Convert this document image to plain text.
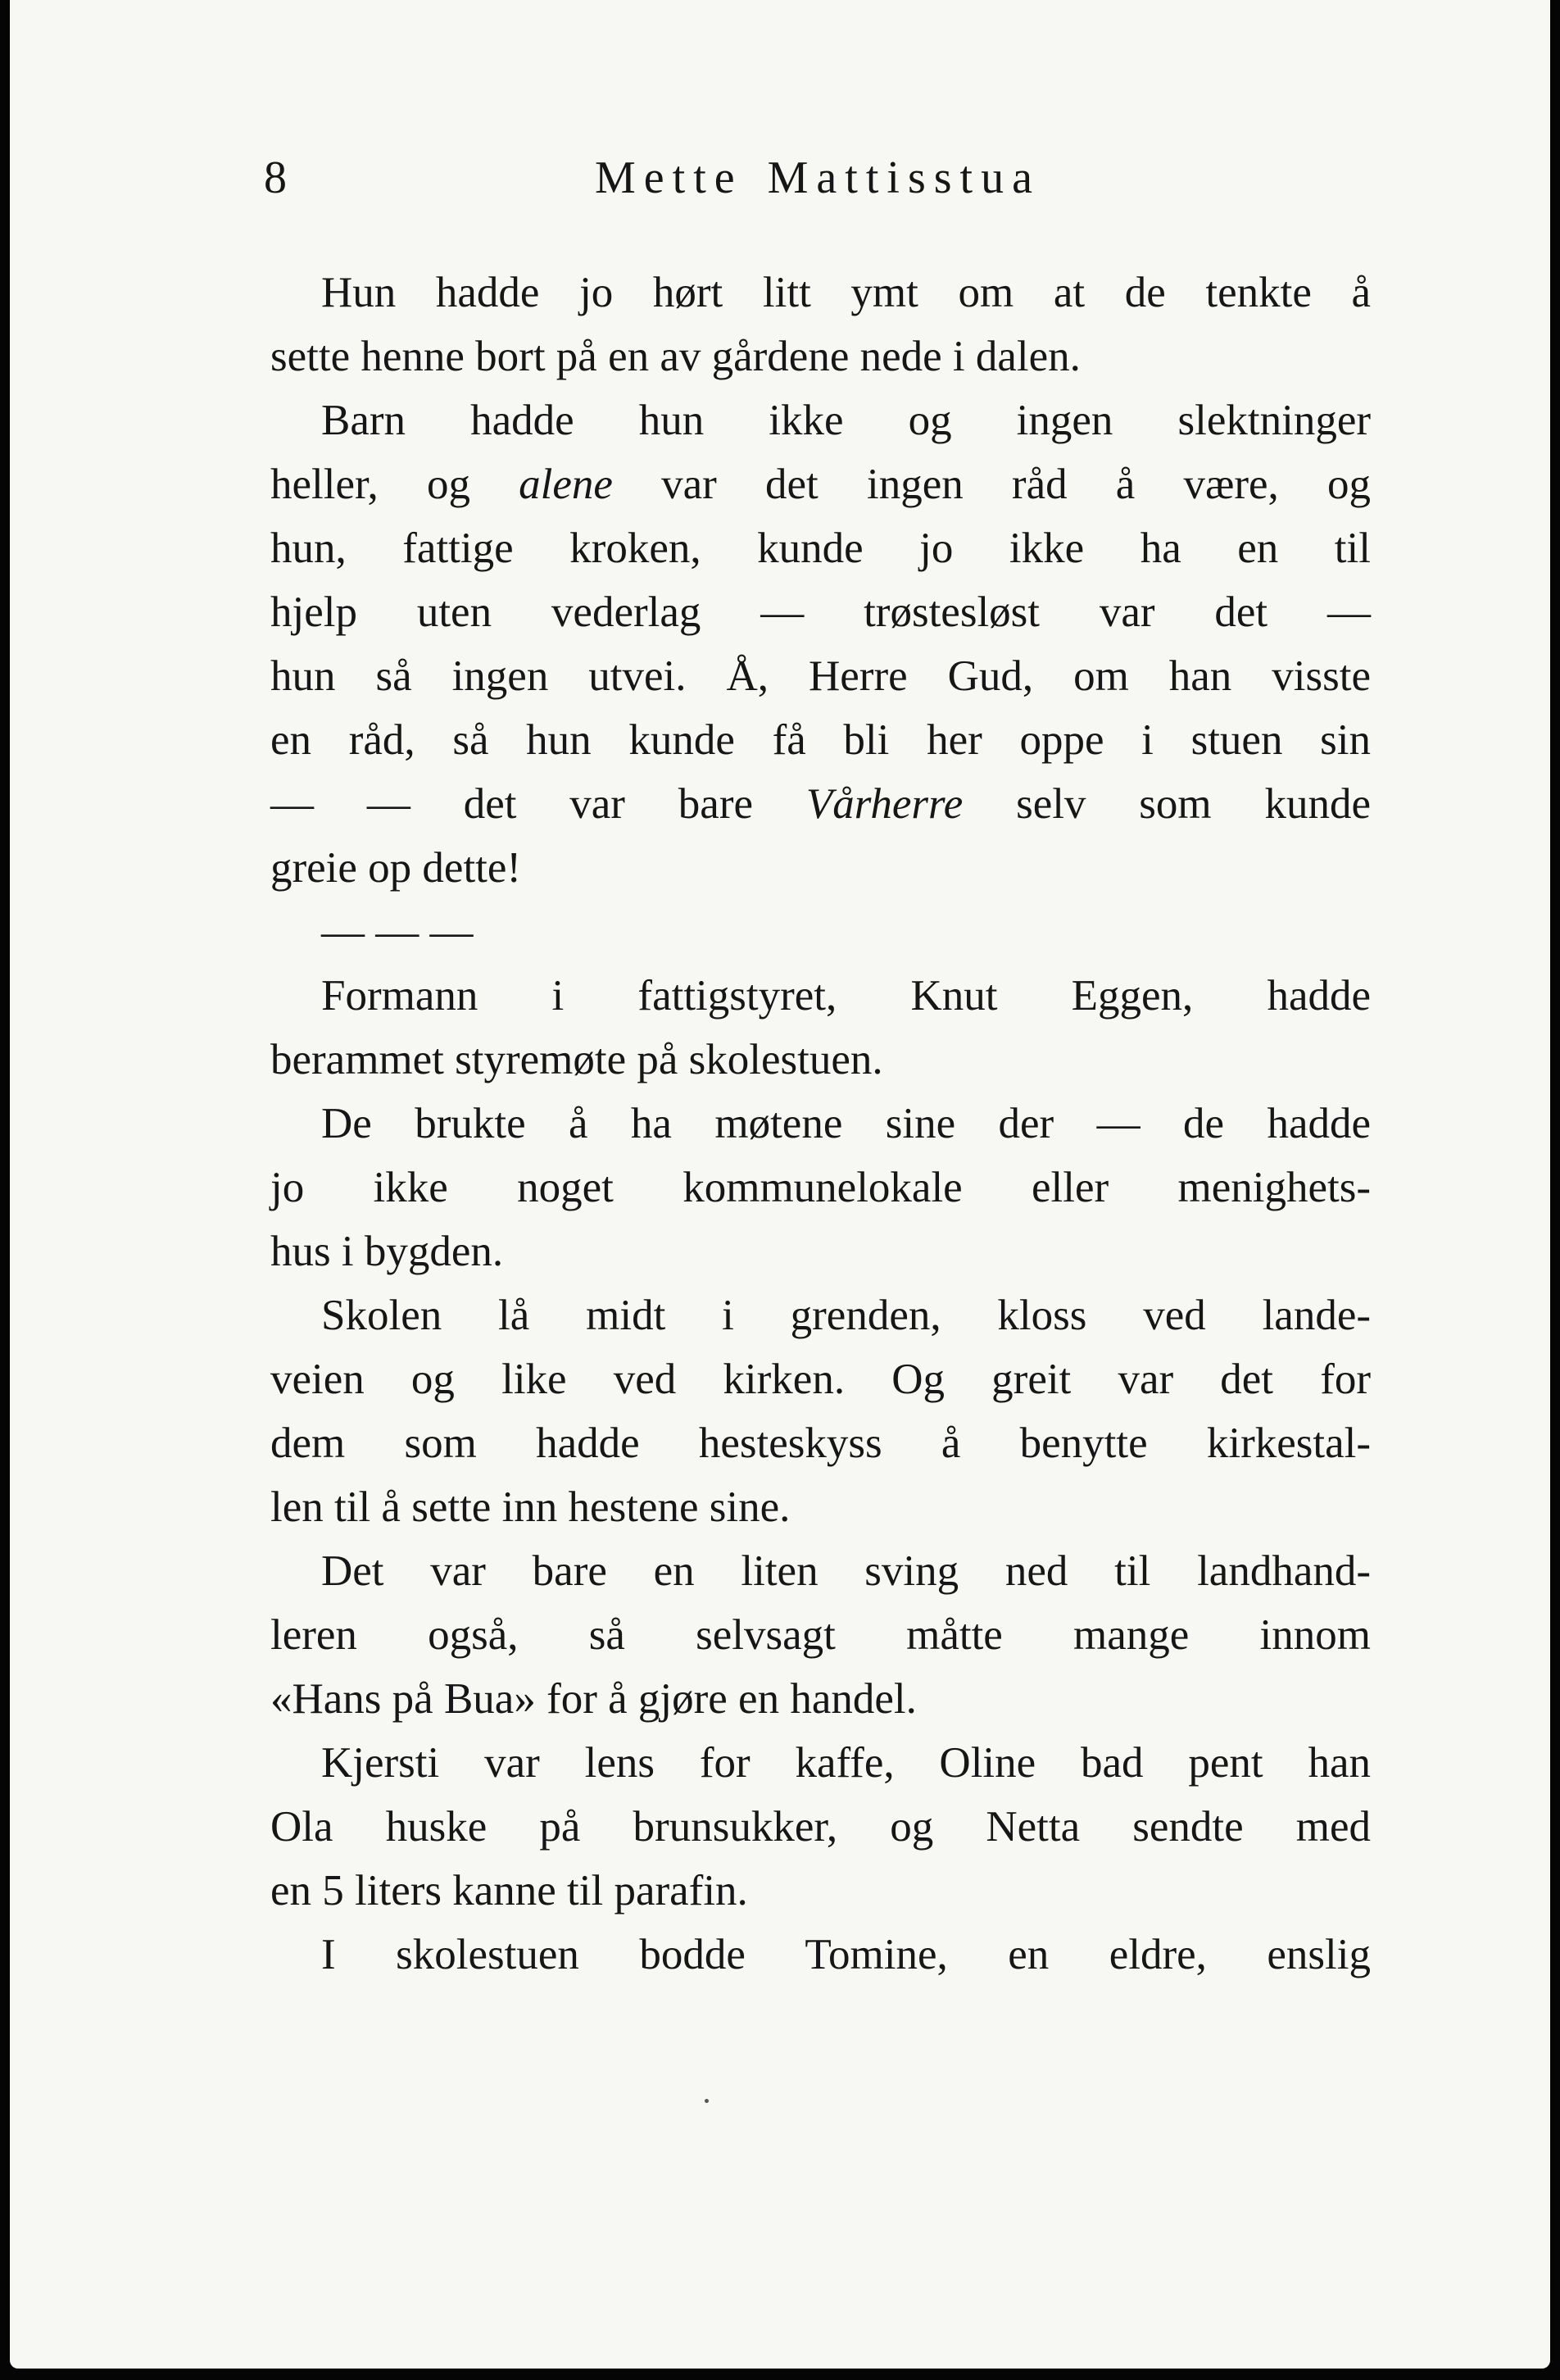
8	Mette Mattisstua
Hun hadde jo hørt litt ymt om at de tenkte å
sette henne bort på en av gårdene nede i dalen.
Barn hadde hun ikke og ingen slektninger
heller, og alene var det ingen råd å være, og
hun, fattige kroken, kunde jo ikke ha en til
hjelp uten vederlag — trøstesløst var det —
hun så ingen utvei. Å, Herre Gud, om han visste
en råd, så hun kunde få bli her oppe i stuen sin
— — det var bare Vårherre selv som kunde
greie op dette!
— — —
Formann i fattigstyret, Knut Eggen, hadde
berammet styremøte på skolestuen.
De brukte å ha møtene sine der — de hadde
jo ikke noget kommunelokale eller menighets-
hus i bygden.
Skolen lå midt i grenden, kloss ved lande-
veien og like ved kirken. Og greit var det for
dem som hadde hesteskyss å benytte kirkestal-
len til å sette inn hestene sine.
Det var bare en liten sving ned til landhand-
leren også, så selvsagt måtte mange innom
«Hans på Bua» for å gjøre en handel.
Kjersti var lens for kaffe, Oline bad pent han
Ola huske på brunsukker, og Netta sendte med
en 5 liters kanne til parafin.
I skolestuen bodde Tomine, en eldre, enslig
